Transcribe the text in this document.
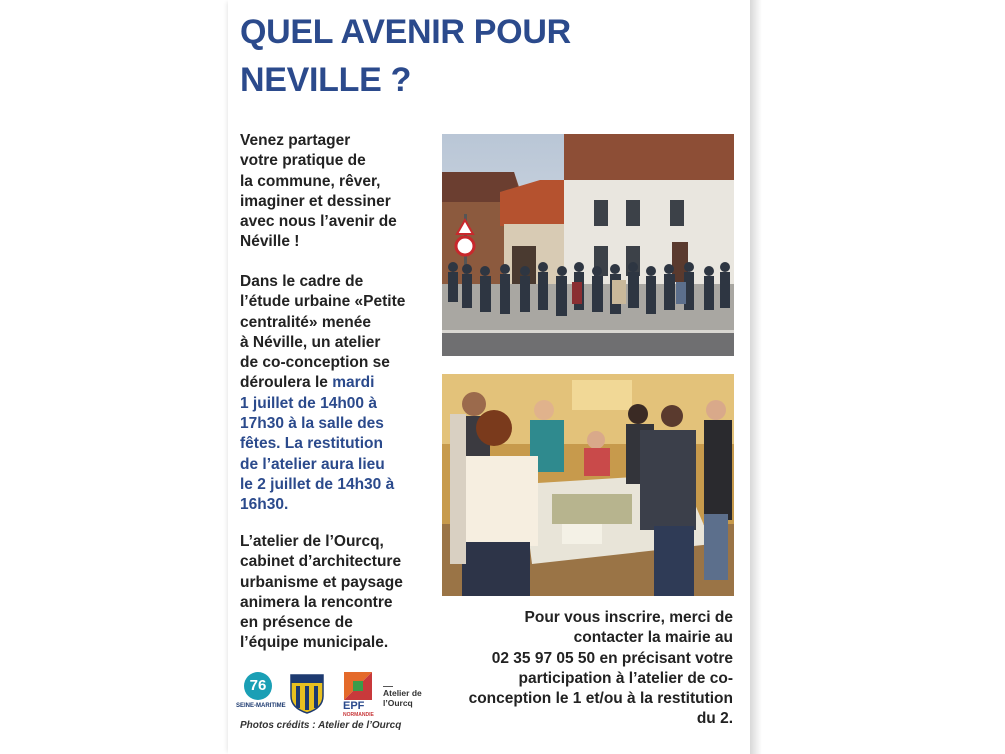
QUEL AVENIR POUR
NEVILLE ?

Venez partager
votre pratique de
la commune, rêver,
imaginer et dessiner
avec nous l’avenir de
Néville !

Dans le cadre de
l’étude urbaine «Petite
centralité» menée
à Néville, un atelier
de co-conception se
déroulera le mardi
1 juillet de 14h00 à
17h30 à la salle des
fêtes. La restitution
de l’atelier aura lieu
le 2 juillet de 14h30 à
16h30.

L’atelier de l’Ourcq,
cabinet d’architecture
urbanisme et paysage
animera la rencontre
en présence de
l’équipe municipale.

Pour vous inscrire, merci de
contacter la mairie au
02 35 97 05 50 en précisant votre
participation à l’atelier de co-
conception le 1 et/ou à la restitution
du 2.
76
SEINE-MARITIME	EPF
NORMANDIE
Atelier de
l’Ourcq
Photos crédits : Atelier de l’Ourcq
